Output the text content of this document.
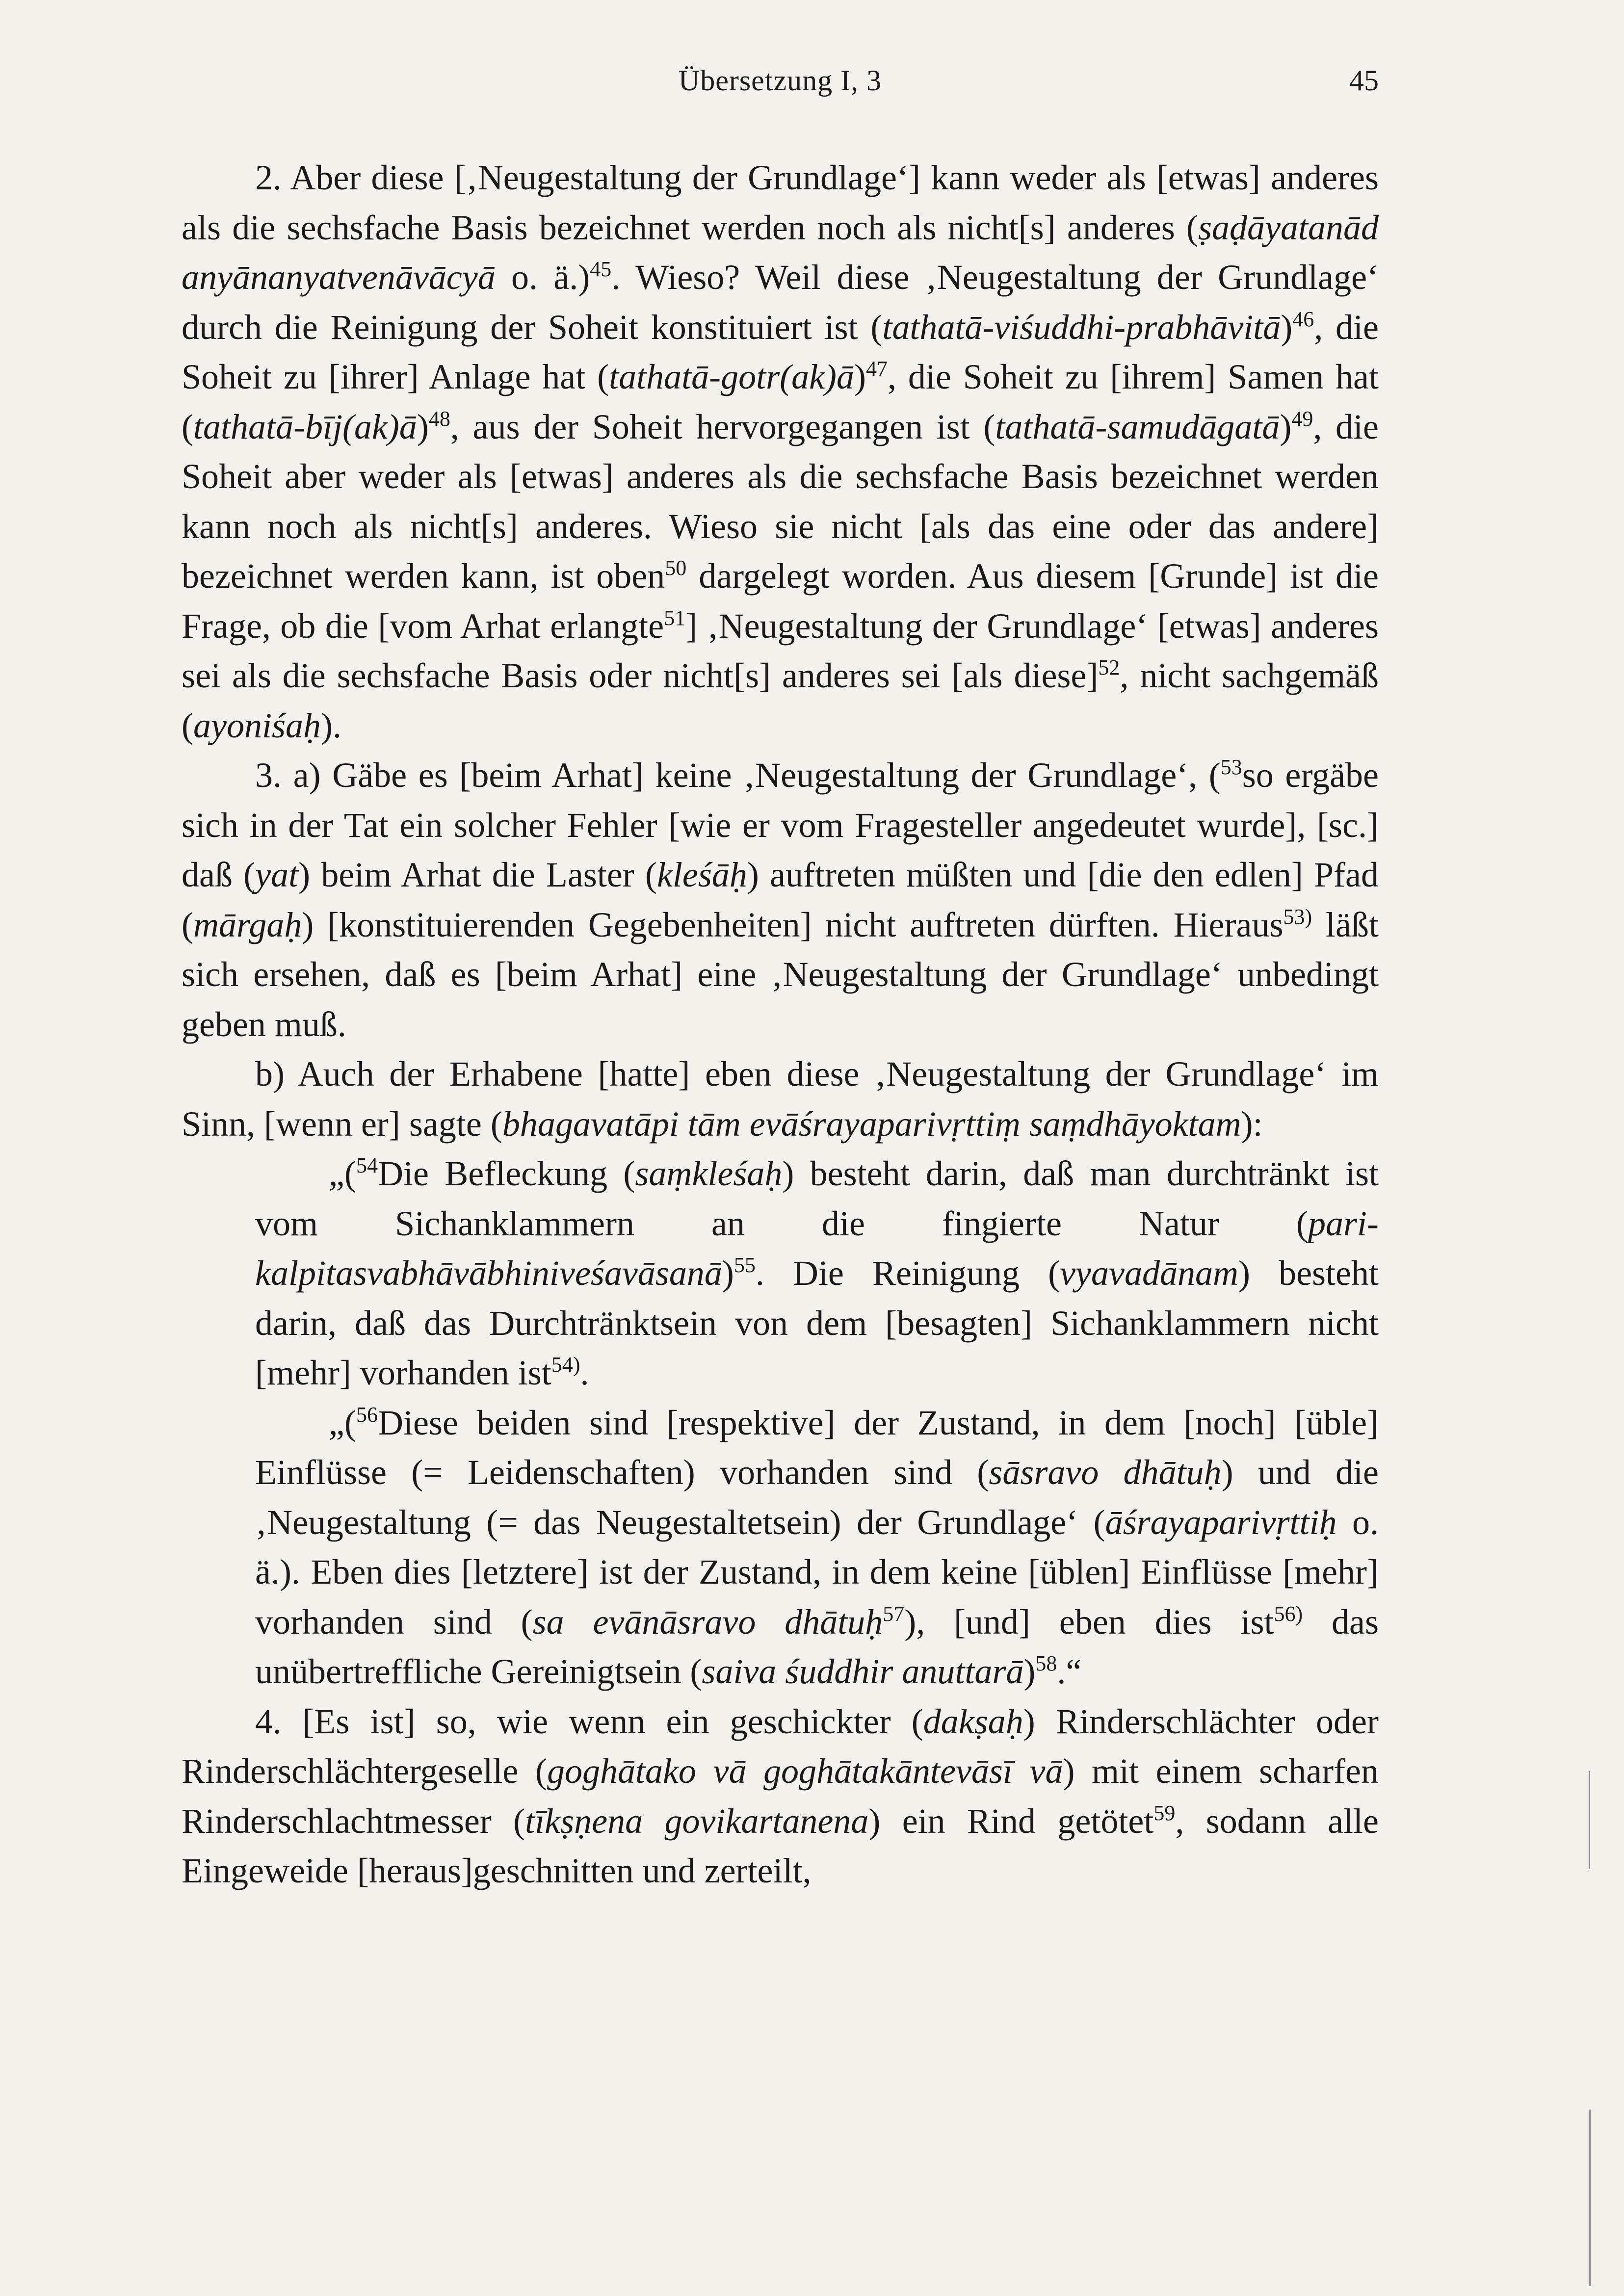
Übersetzung I, 3	45

2. Aber diese [‚Neugestaltung der Grundlage‘] kann weder als [etwas] anderes als die sechsfache Basis bezeichnet werden noch als nicht[s] anderes (ṣaḍāyatanād anyānanyatvenāvācyā o. ä.)$^{45}$. Wieso? Weil diese ‚Neugestaltung der Grundlage‘ durch die Reinigung der Soheit konstituiert ist (tathatā-viśuddhi-prabhāvitā)$^{46}$, die Soheit zu [ihrer] Anlage hat (tathatā-gotr(ak)ā)$^{47}$, die Soheit zu [ihrem] Samen hat (tathatā-bīj(ak)ā)$^{48}$, aus der Soheit hervorgegangen ist (tathatā-samudāgatā)$^{49}$, die Soheit aber weder als [etwas] anderes als die sechsfache Basis bezeichnet werden kann noch als nicht[s] anderes. Wieso sie nicht [als das eine oder das andere] bezeichnet werden kann, ist oben$^{50}$ dargelegt worden. Aus diesem [Grunde] ist die Frage, ob die [vom Arhat erlangte$^{51}$] ‚Neugestaltung der Grundlage‘ [etwas] anderes sei als die sechsfache Basis oder nicht[s] anderes sei [als diese]$^{52}$, nicht sachgemäß (ayoniśaḥ).

3. a) Gäbe es [beim Arhat] keine ‚Neugestaltung der Grundlage‘, ($^{53}$so ergäbe sich in der Tat ein solcher Fehler [wie er vom Fragesteller angedeutet wurde], [sc.] daß (yat) beim Arhat die Laster (kleśāḥ) auftreten müßten und [die den edlen] Pfad (mārgaḥ) [konstituierenden Gegebenheiten] nicht auftreten dürften. Hieraus$^{53)}$ läßt sich ersehen, daß es [beim Arhat] eine ‚Neugestaltung der Grundlage‘ unbedingt geben muß.

b) Auch der Erhabene [hatte] eben diese ‚Neugestaltung der Grundlage‘ im Sinn, [wenn er] sagte (bhagavatāpi tām evāśrayaparivṛttiṃ saṃdhāyoktam):

„($^{54}$Die Befleckung (saṃkleśaḥ) besteht darin, daß man durchtränkt ist vom Sichanklammern an die fingierte Natur (parikalpitasvabhāvābhiniveśavāsanā)$^{55}$. Die Reinigung (vyavadānam) besteht darin, daß das Durchtränktsein von dem [besagten] Sichanklammern nicht [mehr] vorhanden ist$^{54)}$.

„($^{56}$Diese beiden sind [respektive] der Zustand, in dem [noch] [üble] Einflüsse (= Leidenschaften) vorhanden sind (sāsravo dhātuḥ) und die ‚Neugestaltung (= das Neugestaltetsein) der Grundlage‘ (āśrayaparivṛttiḥ o. ä.). Eben dies [letztere] ist der Zustand, in dem keine [üblen] Einflüsse [mehr] vorhanden sind (sa evānāsravo dhātuḥ$^{57}$), [und] eben dies ist$^{56)}$ das unübertreffliche Gereinigtsein (saiva śuddhir anuttarā)$^{58}$.“

4. [Es ist] so, wie wenn ein geschickter (dakṣaḥ) Rinderschlächter oder Rinderschlächtergeselle (goghātako vā goghātakāntevāsī vā) mit einem scharfen Rinderschlachtmesser (tīkṣṇena govikartanena) ein Rind getötet$^{59}$, sodann alle Eingeweide [heraus]geschnitten und zerteilt,
